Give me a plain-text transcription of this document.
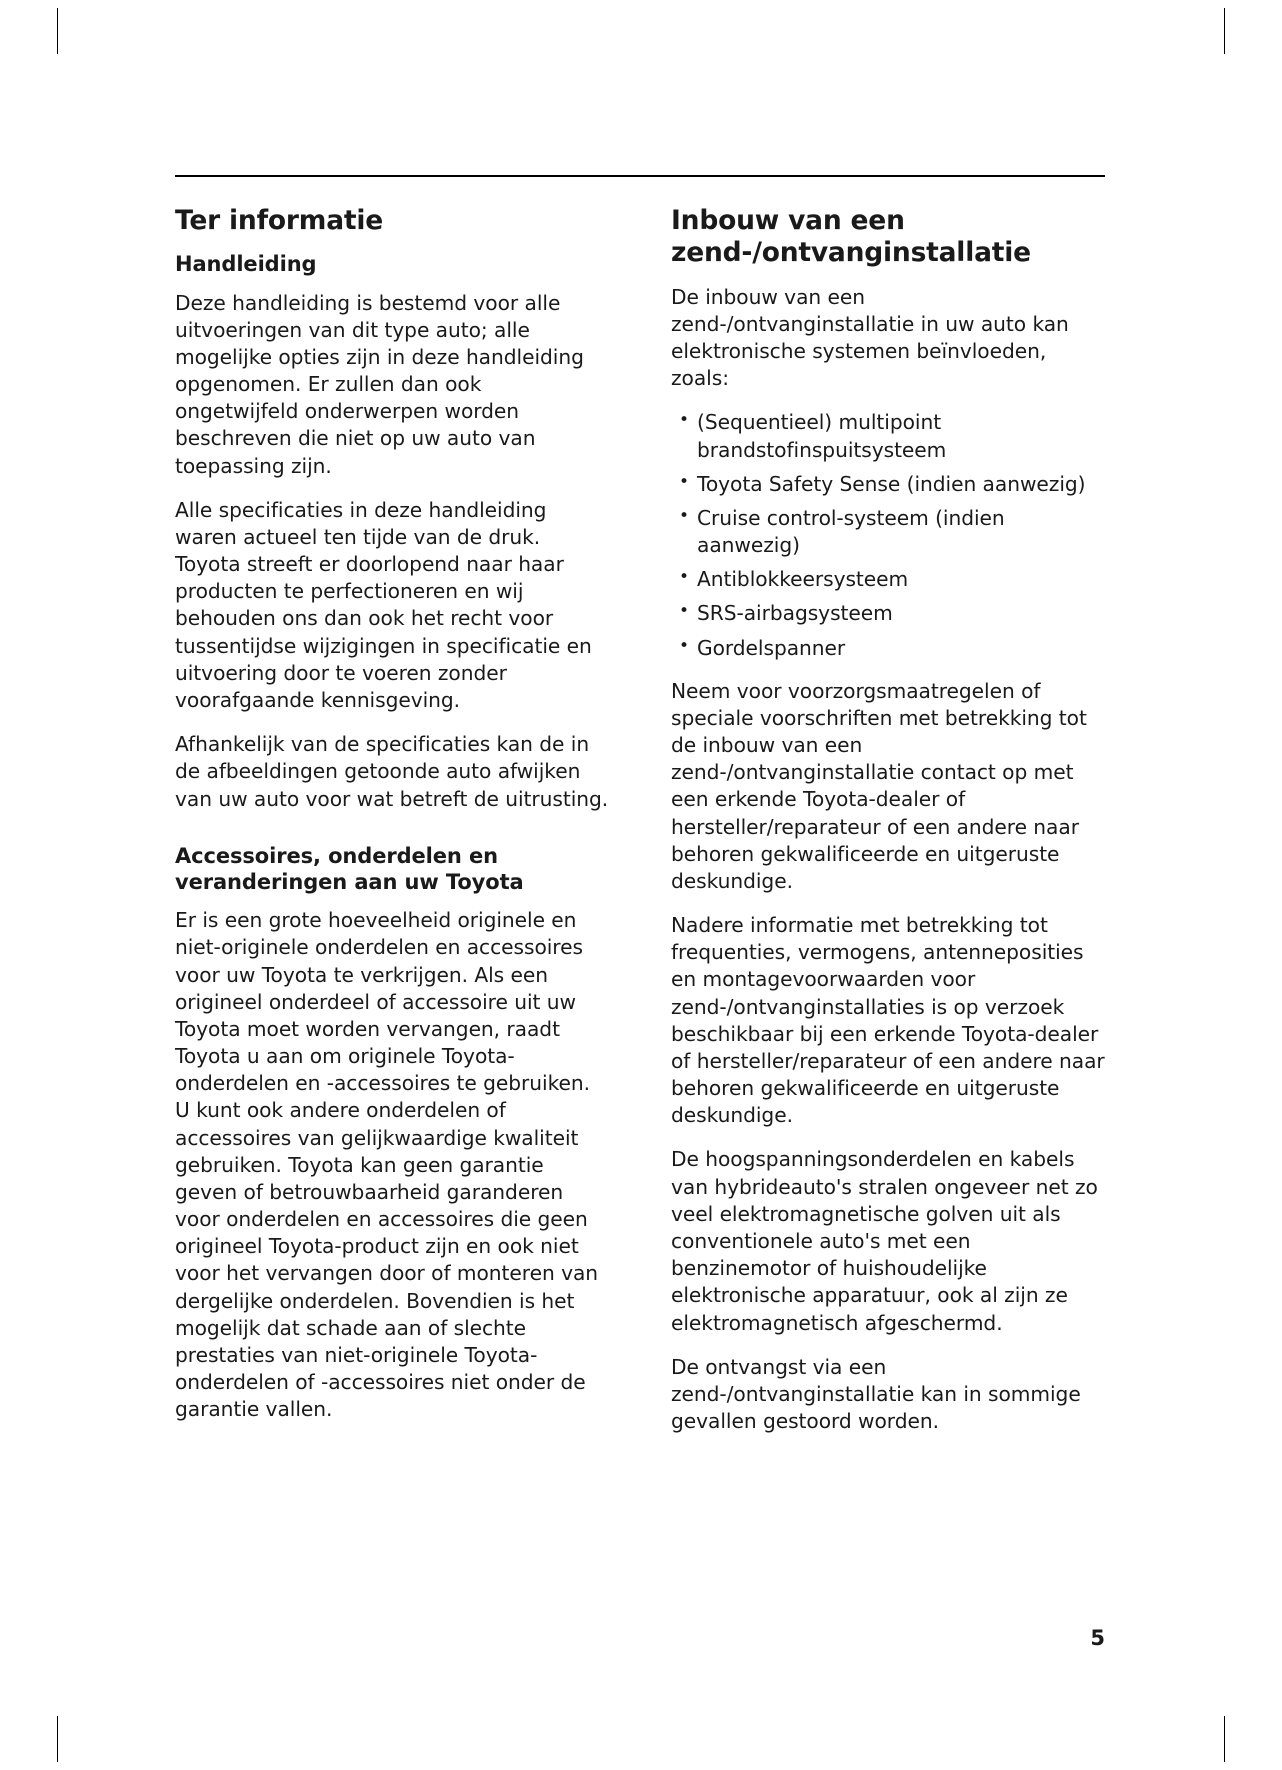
Ter informatie
Handleiding

Deze handleiding is bestemd voor alle uitvoeringen van dit type auto; alle mogelijke opties zijn in deze handleiding opgenomen. Er zullen dan ook ongetwijfeld onderwerpen worden beschreven die niet op uw auto van toepassing zijn.

Alle specificaties in deze handleiding waren actueel ten tijde van de druk. Toyota streeft er doorlopend naar haar producten te perfectioneren en wij behouden ons dan ook het recht voor tussentijdse wijzigingen in specificatie en uitvoering door te voeren zonder voorafgaande kennisgeving.

Afhankelijk van de specificaties kan de in de afbeeldingen getoonde auto afwijken van uw auto voor wat betreft de uitrusting.

Accessoires, onderdelen en veranderingen aan uw Toyota

Er is een grote hoeveelheid originele en niet-originele onderdelen en accessoires voor uw Toyota te verkrijgen. Als een origineel onderdeel of accessoire uit uw Toyota moet worden vervangen, raadt Toyota u aan om originele Toyota-onderdelen en -accessoires te gebruiken. U kunt ook andere onderdelen of accessoires van gelijkwaardige kwaliteit gebruiken. Toyota kan geen garantie geven of betrouwbaarheid garanderen voor onderdelen en accessoires die geen origineel Toyota-product zijn en ook niet voor het vervangen door of monteren van dergelijke onderdelen. Bovendien is het mogelijk dat schade aan of slechte prestaties van niet-originele Toyota-onderdelen of -accessoires niet onder de garantie vallen.

Inbouw van een zend-/ontvanginstallatie

De inbouw van een zend-/ontvanginstallatie in uw auto kan elektronische systemen beïnvloeden, zoals:

• (Sequentieel) multipoint brandstofinspuitsysteem
• Toyota Safety Sense (indien aanwezig)
• Cruise control-systeem (indien aanwezig)
• Antiblokkeersysteem
• SRS-airbagsysteem
• Gordelspanner

Neem voor voorzorgsmaatregelen of speciale voorschriften met betrekking tot de inbouw van een zend-/ontvanginstallatie contact op met een erkende Toyota-dealer of hersteller/reparateur of een andere naar behoren gekwalificeerde en uitgeruste deskundige.

Nadere informatie met betrekking tot frequenties, vermogens, antenneposities en montagevoorwaarden voor zend-/ontvanginstallaties is op verzoek beschikbaar bij een erkende Toyota-dealer of hersteller/reparateur of een andere naar behoren gekwalificeerde en uitgeruste deskundige.

De hoogspanningsonderdelen en kabels van hybrideauto's stralen ongeveer net zo veel elektromagnetische golven uit als conventionele auto's met een benzinemotor of huishoudelijke elektronische apparatuur, ook al zijn ze elektromagnetisch afgeschermd.

De ontvangst via een zend-/ontvanginstallatie kan in sommige gevallen gestoord worden.

5
